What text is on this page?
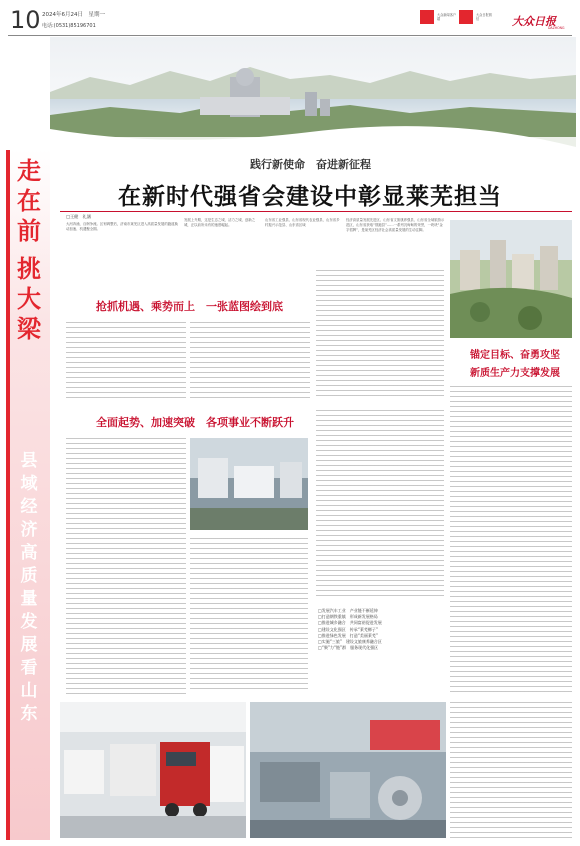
10 2024年6月24日　星期一
电话:(0531)85196701
大众新闻客户端
大众日报微信	大众日报
DAZHONG
走在前
挑大梁
县域经济高质量发展看山东
践行新使命　奋进新征程
在新时代强省会建设中彰显莱芜担当
□王健　礼涵
大河奔涌，百舸争流。区划调整后，济南市莱芜区进入高质量发展的跑道换动加速、机遇聚全期。
发展上升期，这是生态之城、活力之城、创新之城，正以前所未有的速度崛起。
山东省工业强县、山东省现代农业强县、山东省乡村振兴示范县、山东省区域
经济高质量发展先进区、山东省文旅康养强县、山东省全域旅游示范区，山东省获取“领跑县”……一系列沉甸甸的荣誉，一块块“金字招牌”，是莱芜区经济社会高质量发展的生动注脚。
抢抓机遇、乘势而上　一张蓝图绘到底
全面起势、加速突破　各项事业不断跃升
□发展汽车工业　产业链不断延伸
□打造钢铁重镇　形成新发展格局
□推进城乡融合　共同富裕促进发展
□建设文化强区　传承“莱芜梆子”
□推进绿色发展　打造“美丽莱芜”
□实施“三旅”　建设文旅康养融合区
□“聚”力“链”群　服务现代化强区
锚定目标、奋勇攻坚
新质生产力支撑发展
